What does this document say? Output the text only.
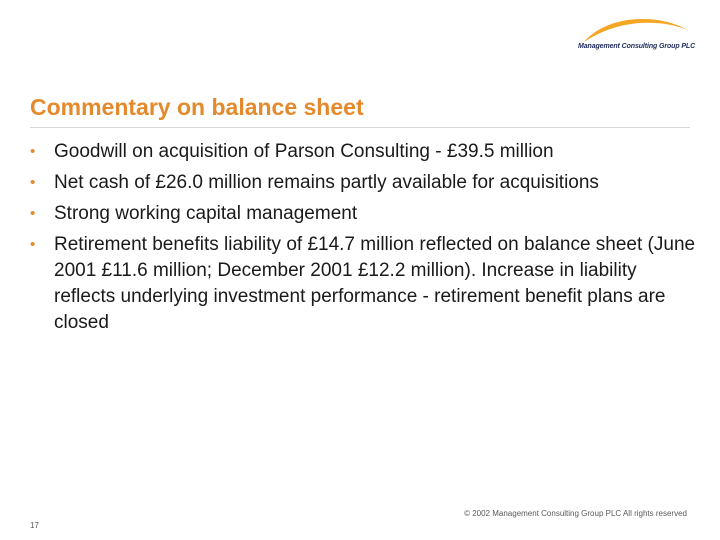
Management Consulting Group PLC
Commentary on balance sheet
• Goodwill on acquisition of Parson Consulting - £39.5 million
• Net cash of £26.0 million remains partly available for acquisitions
• Strong working capital management
• Retirement benefits liability of £14.7 million reflected on balance sheet (June 2001 £11.6 million; December 2001 £12.2 million). Increase in liability reflects underlying investment performance - retirement benefit plans are closed
© 2002 Management Consulting Group PLC All rights reserved
17
